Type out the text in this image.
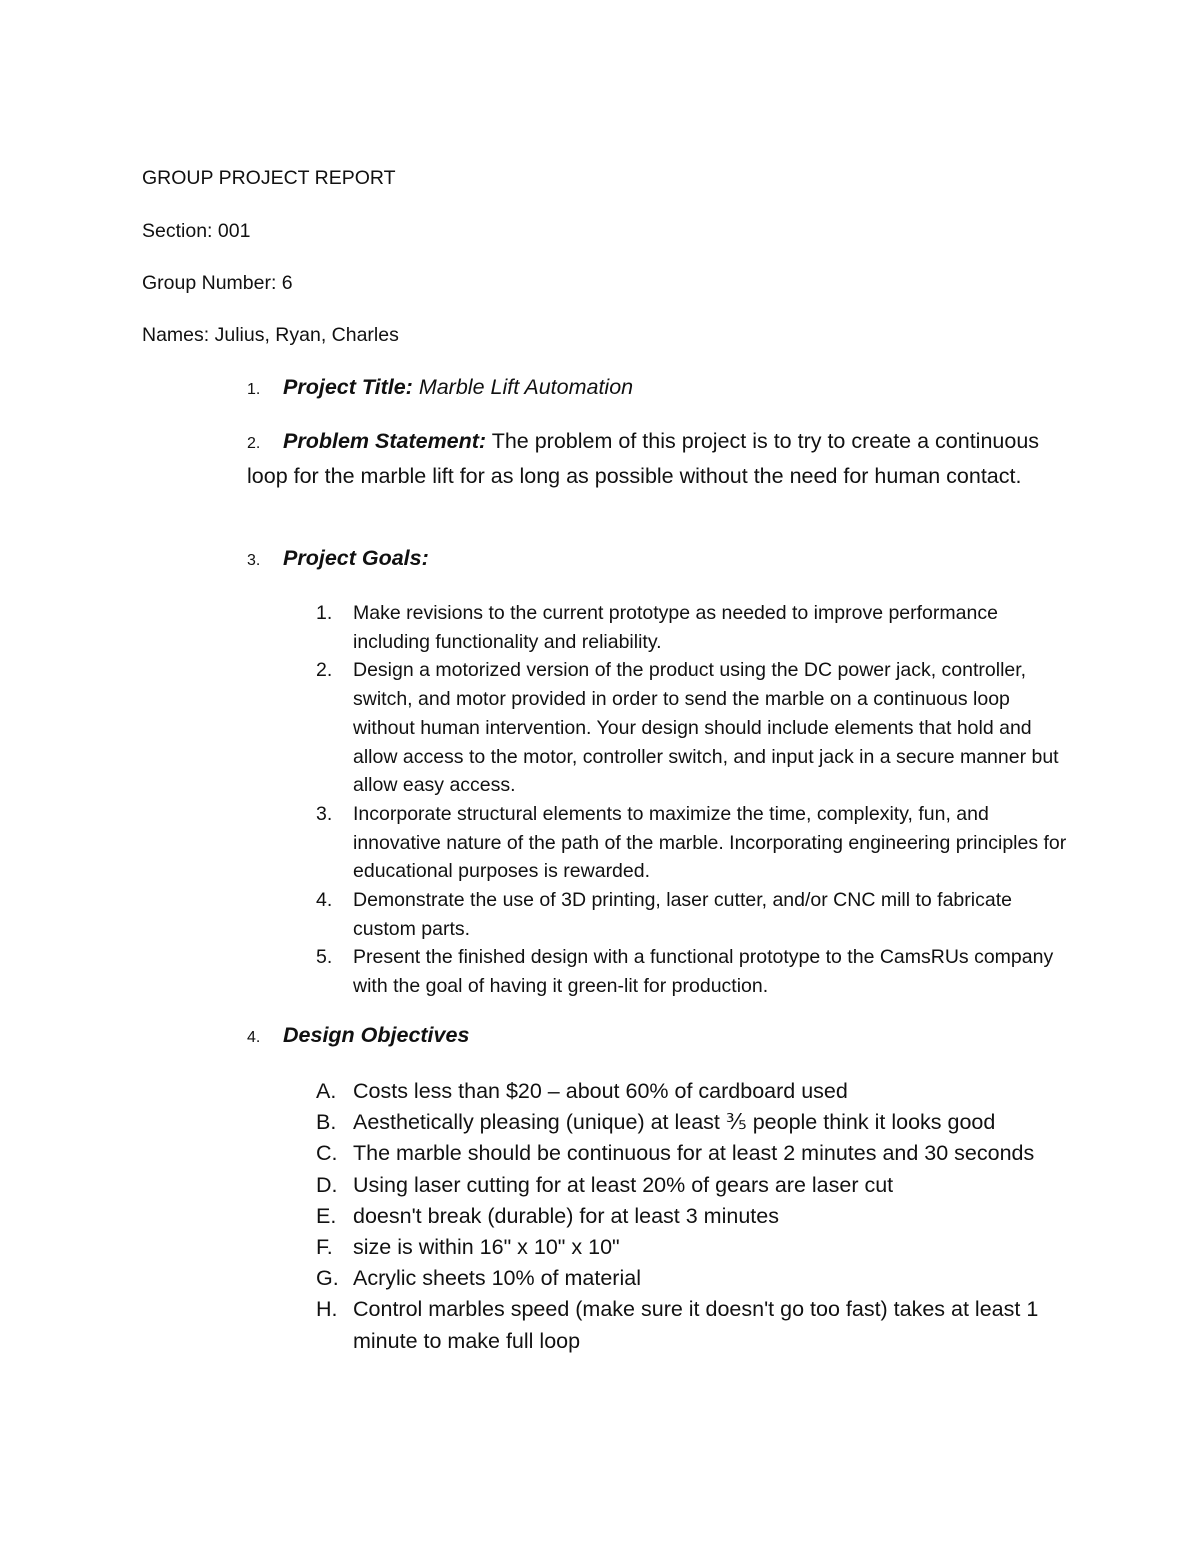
GROUP PROJECT REPORT
Section: 001
Group Number: 6
Names: Julius, Ryan, Charles
1. Project Title: Marble Lift Automation
2. Problem Statement: The problem of this project is to try to create a continuous loop for the marble lift for as long as possible without the need for human contact.
3. Project Goals:
1. Make revisions to the current prototype as needed to improve performance including functionality and reliability.
2. Design a motorized version of the product using the DC power jack, controller, switch, and motor provided in order to send the marble on a continuous loop without human intervention. Your design should include elements that hold and allow access to the motor, controller switch, and input jack in a secure manner but allow easy access.
3. Incorporate structural elements to maximize the time, complexity, fun, and innovative nature of the path of the marble. Incorporating engineering principles for educational purposes is rewarded.
4. Demonstrate the use of 3D printing, laser cutter, and/or CNC mill to fabricate custom parts.
5. Present the finished design with a functional prototype to the CamsRUs company with the goal of having it green-lit for production.
4. Design Objectives
A. Costs less than $20 – about 60% of cardboard used
B. Aesthetically pleasing (unique) at least ⅗ people think it looks good
C. The marble should be continuous for at least 2 minutes and 30 seconds
D. Using laser cutting for at least 20% of gears are laser cut
E. doesn't break (durable) for at least 3 minutes
F. size is within 16" x 10" x 10"
G. Acrylic sheets 10% of material
H. Control marbles speed (make sure it doesn't go too fast) takes at least 1 minute to make full loop
